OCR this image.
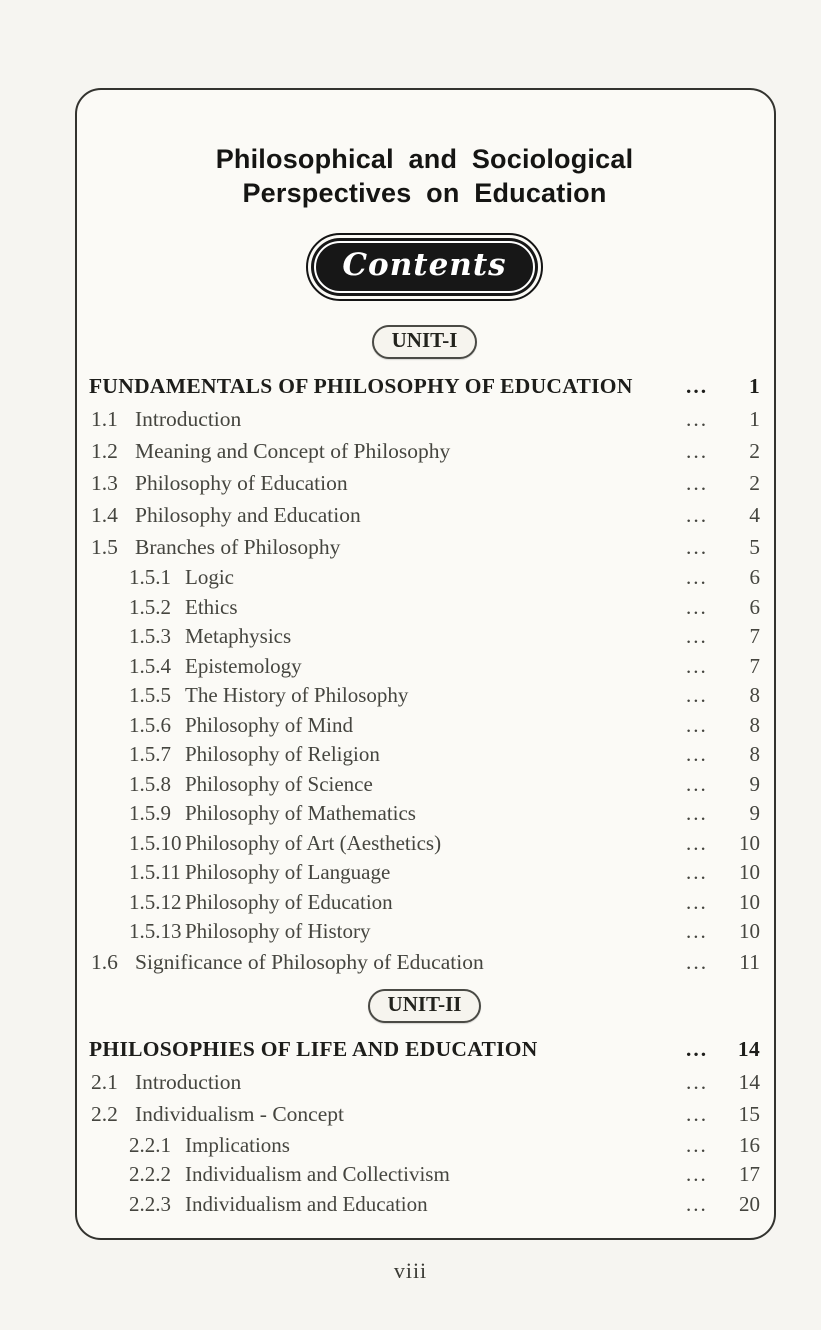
Philosophical and Sociological
Perspectives on Education
Contents
UNIT-I
FUNDAMENTALS OF PHILOSOPHY OF EDUCATION	...	1
1.1 Introduction	...	1
1.2 Meaning and Concept of Philosophy	...	2
1.3 Philosophy of Education	...	2
1.4 Philosophy and Education	...	4
1.5 Branches of Philosophy	...	5
1.5.1 Logic	...	6
1.5.2 Ethics	...	6
1.5.3 Metaphysics	...	7
1.5.4 Epistemology	...	7
1.5.5 The History of Philosophy	...	8
1.5.6 Philosophy of Mind	...	8
1.5.7 Philosophy of Religion	...	8
1.5.8 Philosophy of Science	...	9
1.5.9 Philosophy of Mathematics	...	9
1.5.10 Philosophy of Art (Aesthetics)	...	10
1.5.11 Philosophy of Language	...	10
1.5.12 Philosophy of Education	...	10
1.5.13 Philosophy of History	...	10
1.6 Significance of Philosophy of Education	...	11
UNIT-II
PHILOSOPHIES OF LIFE AND EDUCATION	...	14
2.1 Introduction	...	14
2.2 Individualism - Concept	...	15
2.2.1 Implications	...	16
2.2.2 Individualism and Collectivism	...	17
2.2.3 Individualism and Education	...	20
viii
